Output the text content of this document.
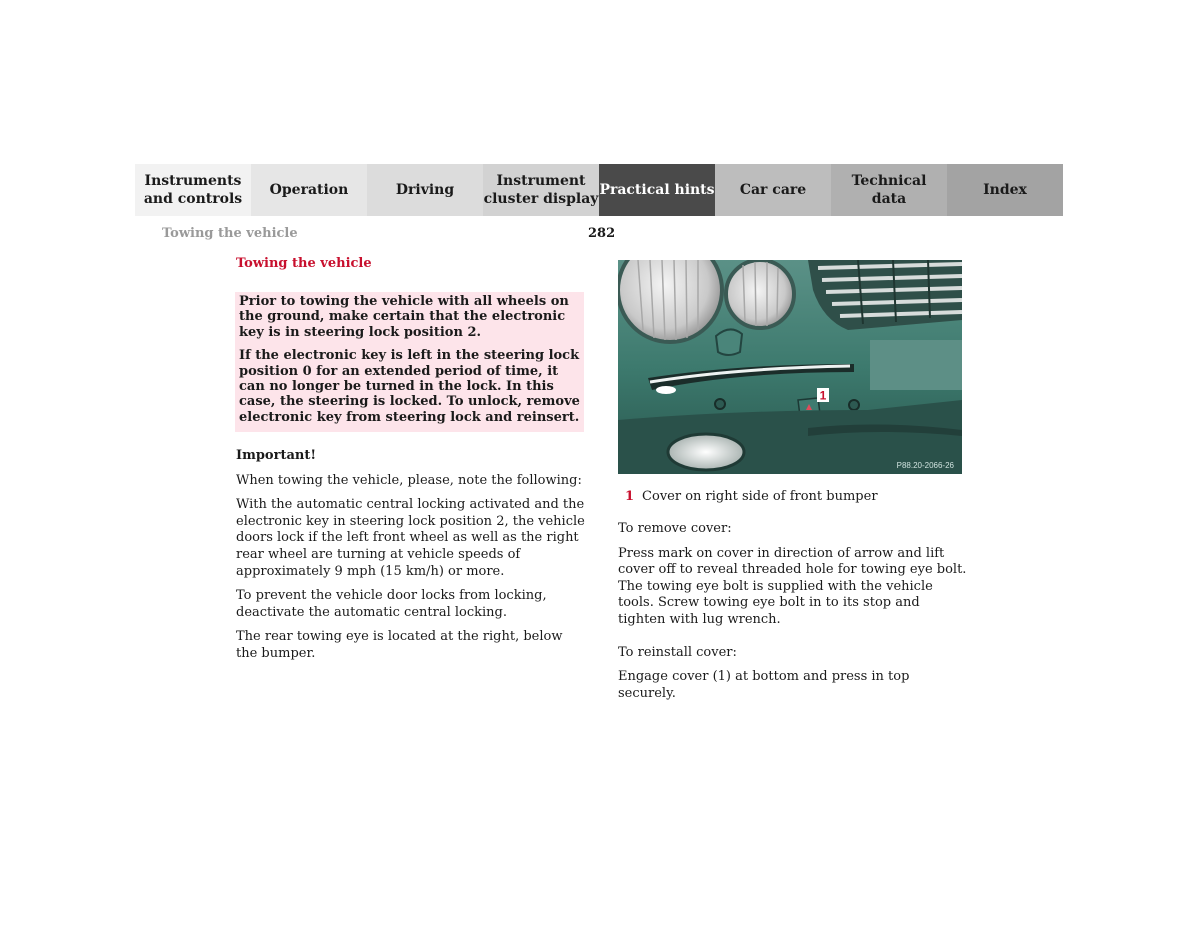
Instruments
and controls
Operation	Driving
Instrument
cluster display
Practical hints	Car care
Technical
data
Index
Towing the vehicle	282
Towing the vehicle

Prior to towing the vehicle with all wheels on the ground, make certain that the electronic key is in steering lock position 2.

If the electronic key is left in the steering lock position 0 for an extended period of time, it can no longer be turned in the lock. In this case, the steering is locked. To unlock, remove electronic key from steering lock and reinsert.

Important!

When towing the vehicle, please, note the following:

With the automatic central locking activated and the electronic key in steering lock position 2, the vehicle doors lock if the left front wheel as well as the right rear wheel are turning at vehicle speeds of approximately 9 mph (15 km/h) or more.

To prevent the vehicle door locks from locking, deactivate the automatic central locking.

The rear towing eye is located at the right, below the bumper.

1
P88.20-2066-26
1 Cover on right side of front bumper

To remove cover:

Press mark on cover in direction of arrow and lift cover off to reveal threaded hole for towing eye bolt. The towing eye bolt is supplied with the vehicle tools. Screw towing eye bolt in to its stop and tighten with lug wrench.

To reinstall cover:

Engage cover (1) at bottom and press in top securely.
